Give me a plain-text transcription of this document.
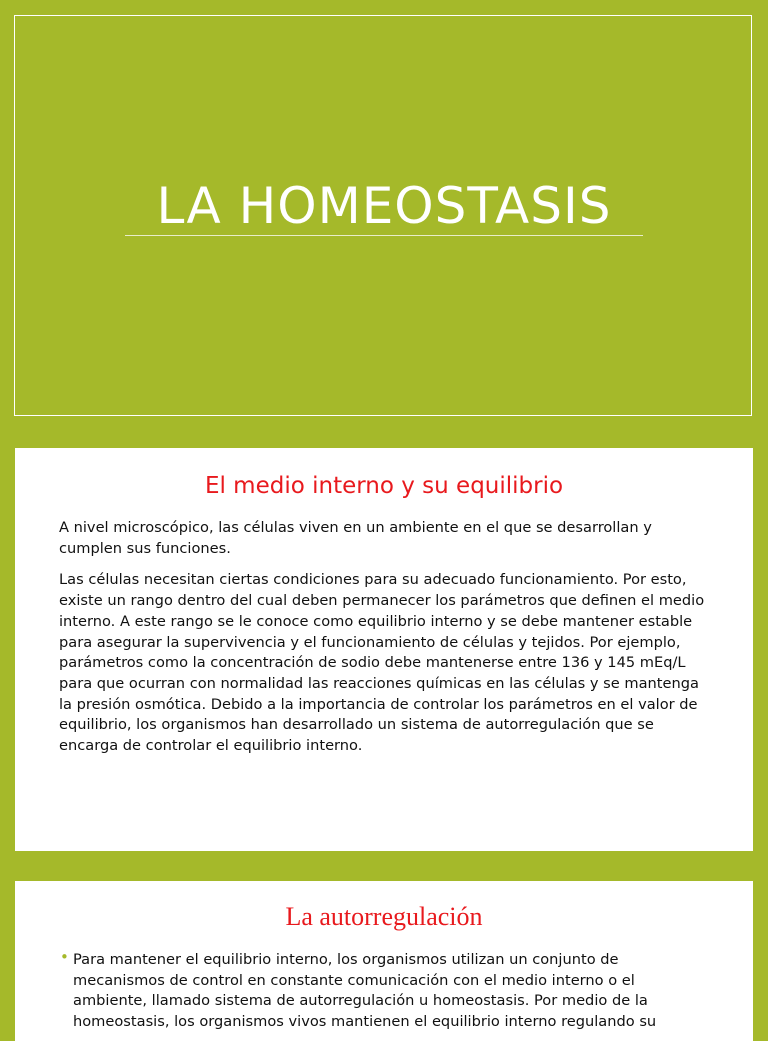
LA HOMEOSTASIS
El medio interno y su equilibrio

A nivel microscópico, las células viven en un ambiente en el que se desarrollan y cumplen sus funciones.

Las células necesitan ciertas condiciones para su adecuado funcionamiento. Por esto, existe un rango dentro del cual deben permanecer los parámetros que definen el medio interno. A este rango se le conoce como equilibrio interno y se debe mantener estable para asegurar la supervivencia y el funcionamiento de células y tejidos. Por ejemplo, parámetros como la concentración de sodio debe mantenerse entre 136 y 145 mEq/L para que ocurran con normalidad las reacciones químicas en las células y se mantenga la presión osmótica. Debido a la importancia de controlar los parámetros en el valor de equilibrio, los organismos han desarrollado un sistema de autorregulación que se encarga de controlar el equilibrio interno.

La autorregulación
• Para mantener el equilibrio interno, los organismos utilizan un conjunto de mecanismos de control en constante comunicación con el medio interno o el ambiente, llamado sistema de autorregulación u homeostasis. Por medio de la homeostasis, los organismos vivos mantienen el equilibrio interno regulando su
